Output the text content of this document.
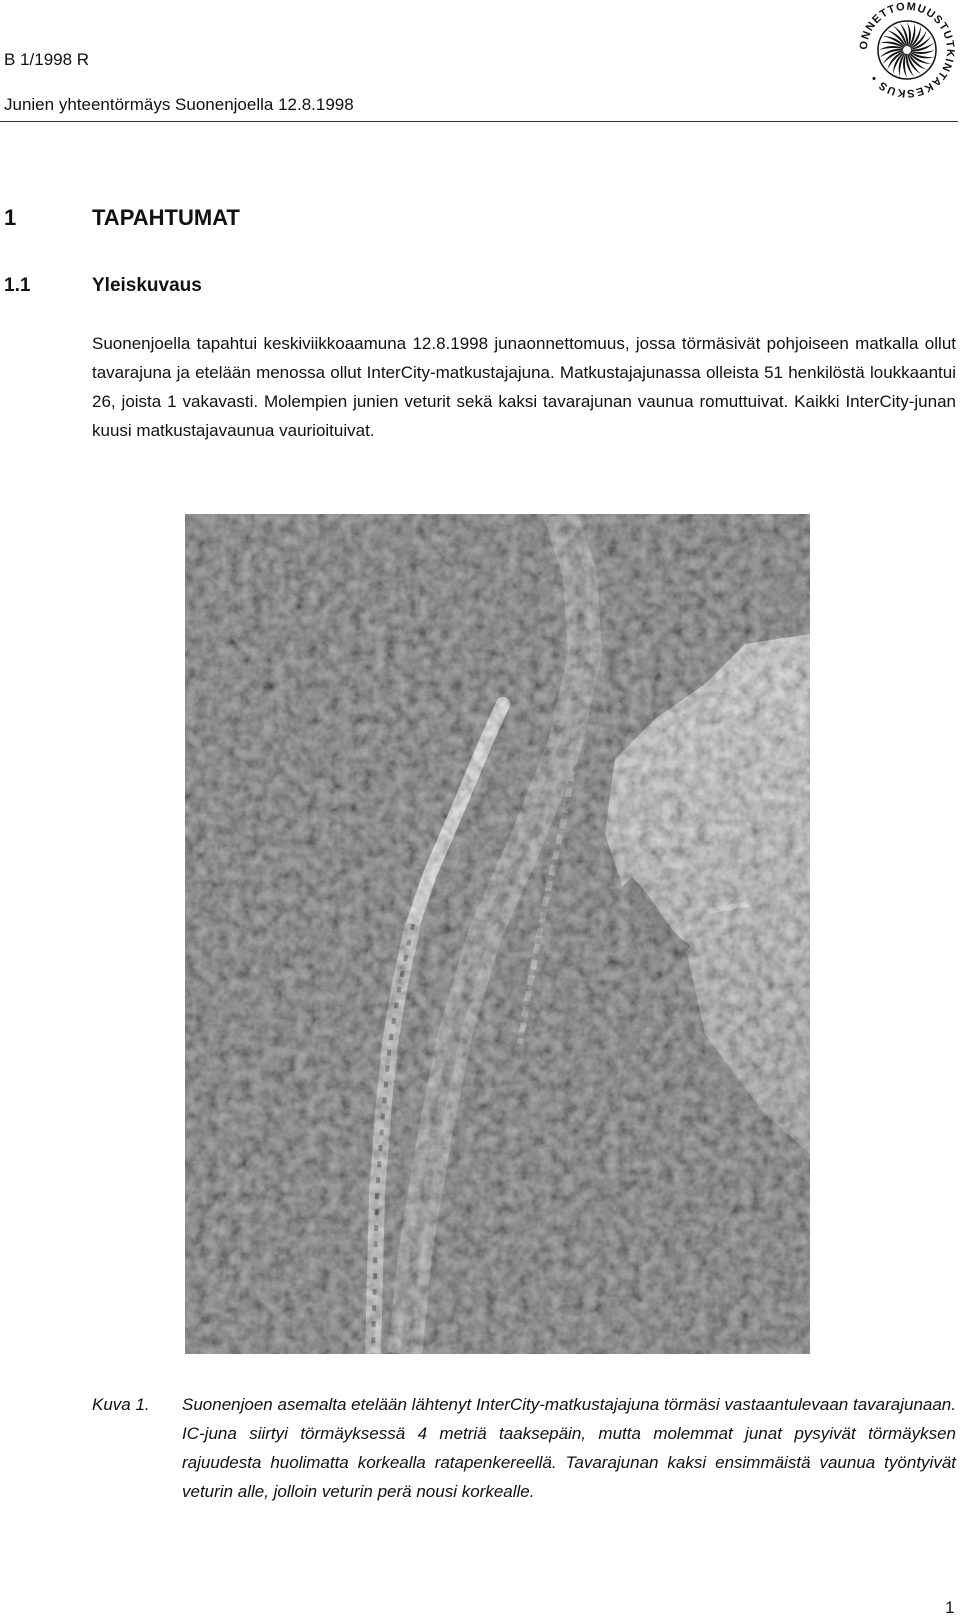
B 1/1998 R
Junien yhteentörmäys Suonenjoella 12.8.1998
ONNETTOMUUSTUTKINTAKESKUS •
1	TAPAHTUMAT
1.1	Yleiskuvaus

Suonenjoella tapahtui keskiviikkoaamuna 12.8.1998 junaonnettomuus, jossa törmäsivät pohjoiseen matkalla ollut tavarajuna ja etelään menossa ollut InterCity-matkustajajuna. Matkustajajunassa olleista 51 henkilöstä loukkaantui 26, joista 1 vakavasti. Molempien junien veturit sekä kaksi tavarajunan vaunua romuttuivat. Kaikki InterCity-junan kuusi matkustajavaunua vaurioituivat.

Kuva 1. Suonenjoen asemalta etelään lähtenyt InterCity-matkustajajuna törmäsi vastaantulevaan tavarajunaan. IC-juna siirtyi törmäyksessä 4 metriä taaksepäin, mutta molemmat junat pysyivät törmäyksen rajuudesta huolimatta korkealla ratapenkereellä. Tavarajunan kaksi ensimmäistä vaunua työntyivät veturin alle, jolloin veturin perä nousi korkealle.
1
